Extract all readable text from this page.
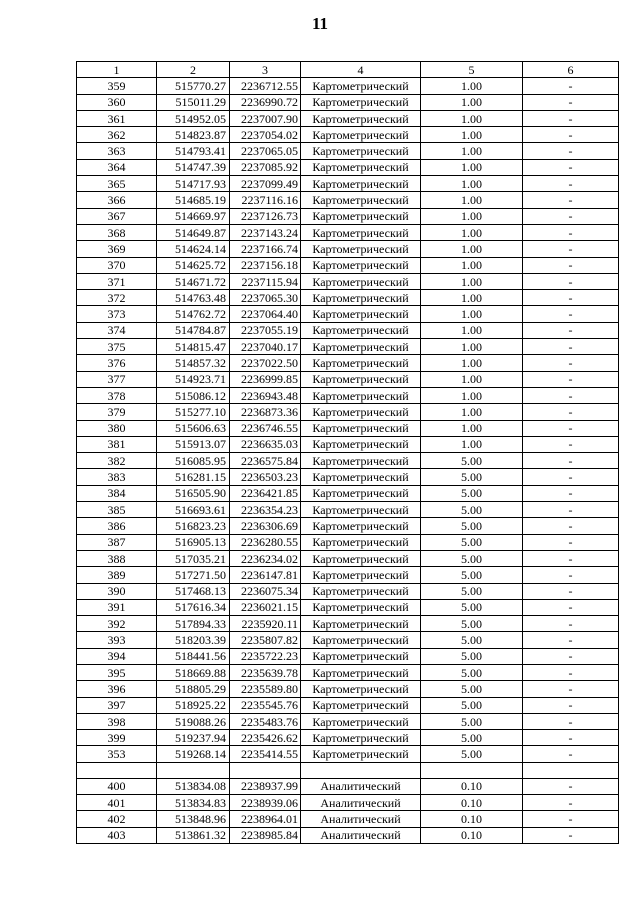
11
1	2	3	4	5	6
359	515770.27	2236712.55	Картометрический	1.00	-
360	515011.29	2236990.72	Картометрический	1.00	-
361	514952.05	2237007.90	Картометрический	1.00	-
362	514823.87	2237054.02	Картометрический	1.00	-
363	514793.41	2237065.05	Картометрический	1.00	-
364	514747.39	2237085.92	Картометрический	1.00	-
365	514717.93	2237099.49	Картометрический	1.00	-
366	514685.19	2237116.16	Картометрический	1.00	-
367	514669.97	2237126.73	Картометрический	1.00	-
368	514649.87	2237143.24	Картометрический	1.00	-
369	514624.14	2237166.74	Картометрический	1.00	-
370	514625.72	2237156.18	Картометрический	1.00	-
371	514671.72	2237115.94	Картометрический	1.00	-
372	514763.48	2237065.30	Картометрический	1.00	-
373	514762.72	2237064.40	Картометрический	1.00	-
374	514784.87	2237055.19	Картометрический	1.00	-
375	514815.47	2237040.17	Картометрический	1.00	-
376	514857.32	2237022.50	Картометрический	1.00	-
377	514923.71	2236999.85	Картометрический	1.00	-
378	515086.12	2236943.48	Картометрический	1.00	-
379	515277.10	2236873.36	Картометрический	1.00	-
380	515606.63	2236746.55	Картометрический	1.00	-
381	515913.07	2236635.03	Картометрический	1.00	-
382	516085.95	2236575.84	Картометрический	5.00	-
383	516281.15	2236503.23	Картометрический	5.00	-
384	516505.90	2236421.85	Картометрический	5.00	-
385	516693.61	2236354.23	Картометрический	5.00	-
386	516823.23	2236306.69	Картометрический	5.00	-
387	516905.13	2236280.55	Картометрический	5.00	-
388	517035.21	2236234.02	Картометрический	5.00	-
389	517271.50	2236147.81	Картометрический	5.00	-
390	517468.13	2236075.34	Картометрический	5.00	-
391	517616.34	2236021.15	Картометрический	5.00	-
392	517894.33	2235920.11	Картометрический	5.00	-
393	518203.39	2235807.82	Картометрический	5.00	-
394	518441.56	2235722.23	Картометрический	5.00	-
395	518669.88	2235639.78	Картометрический	5.00	-
396	518805.29	2235589.80	Картометрический	5.00	-
397	518925.22	2235545.76	Картометрический	5.00	-
398	519088.26	2235483.76	Картометрический	5.00	-
399	519237.94	2235426.62	Картометрический	5.00	-
353	519268.14	2235414.55	Картометрический	5.00	-

400	513834.08	2238937.99	Аналитический	0.10	-
401	513834.83	2238939.06	Аналитический	0.10	-
402	513848.96	2238964.01	Аналитический	0.10	-
403	513861.32	2238985.84	Аналитический	0.10	-
